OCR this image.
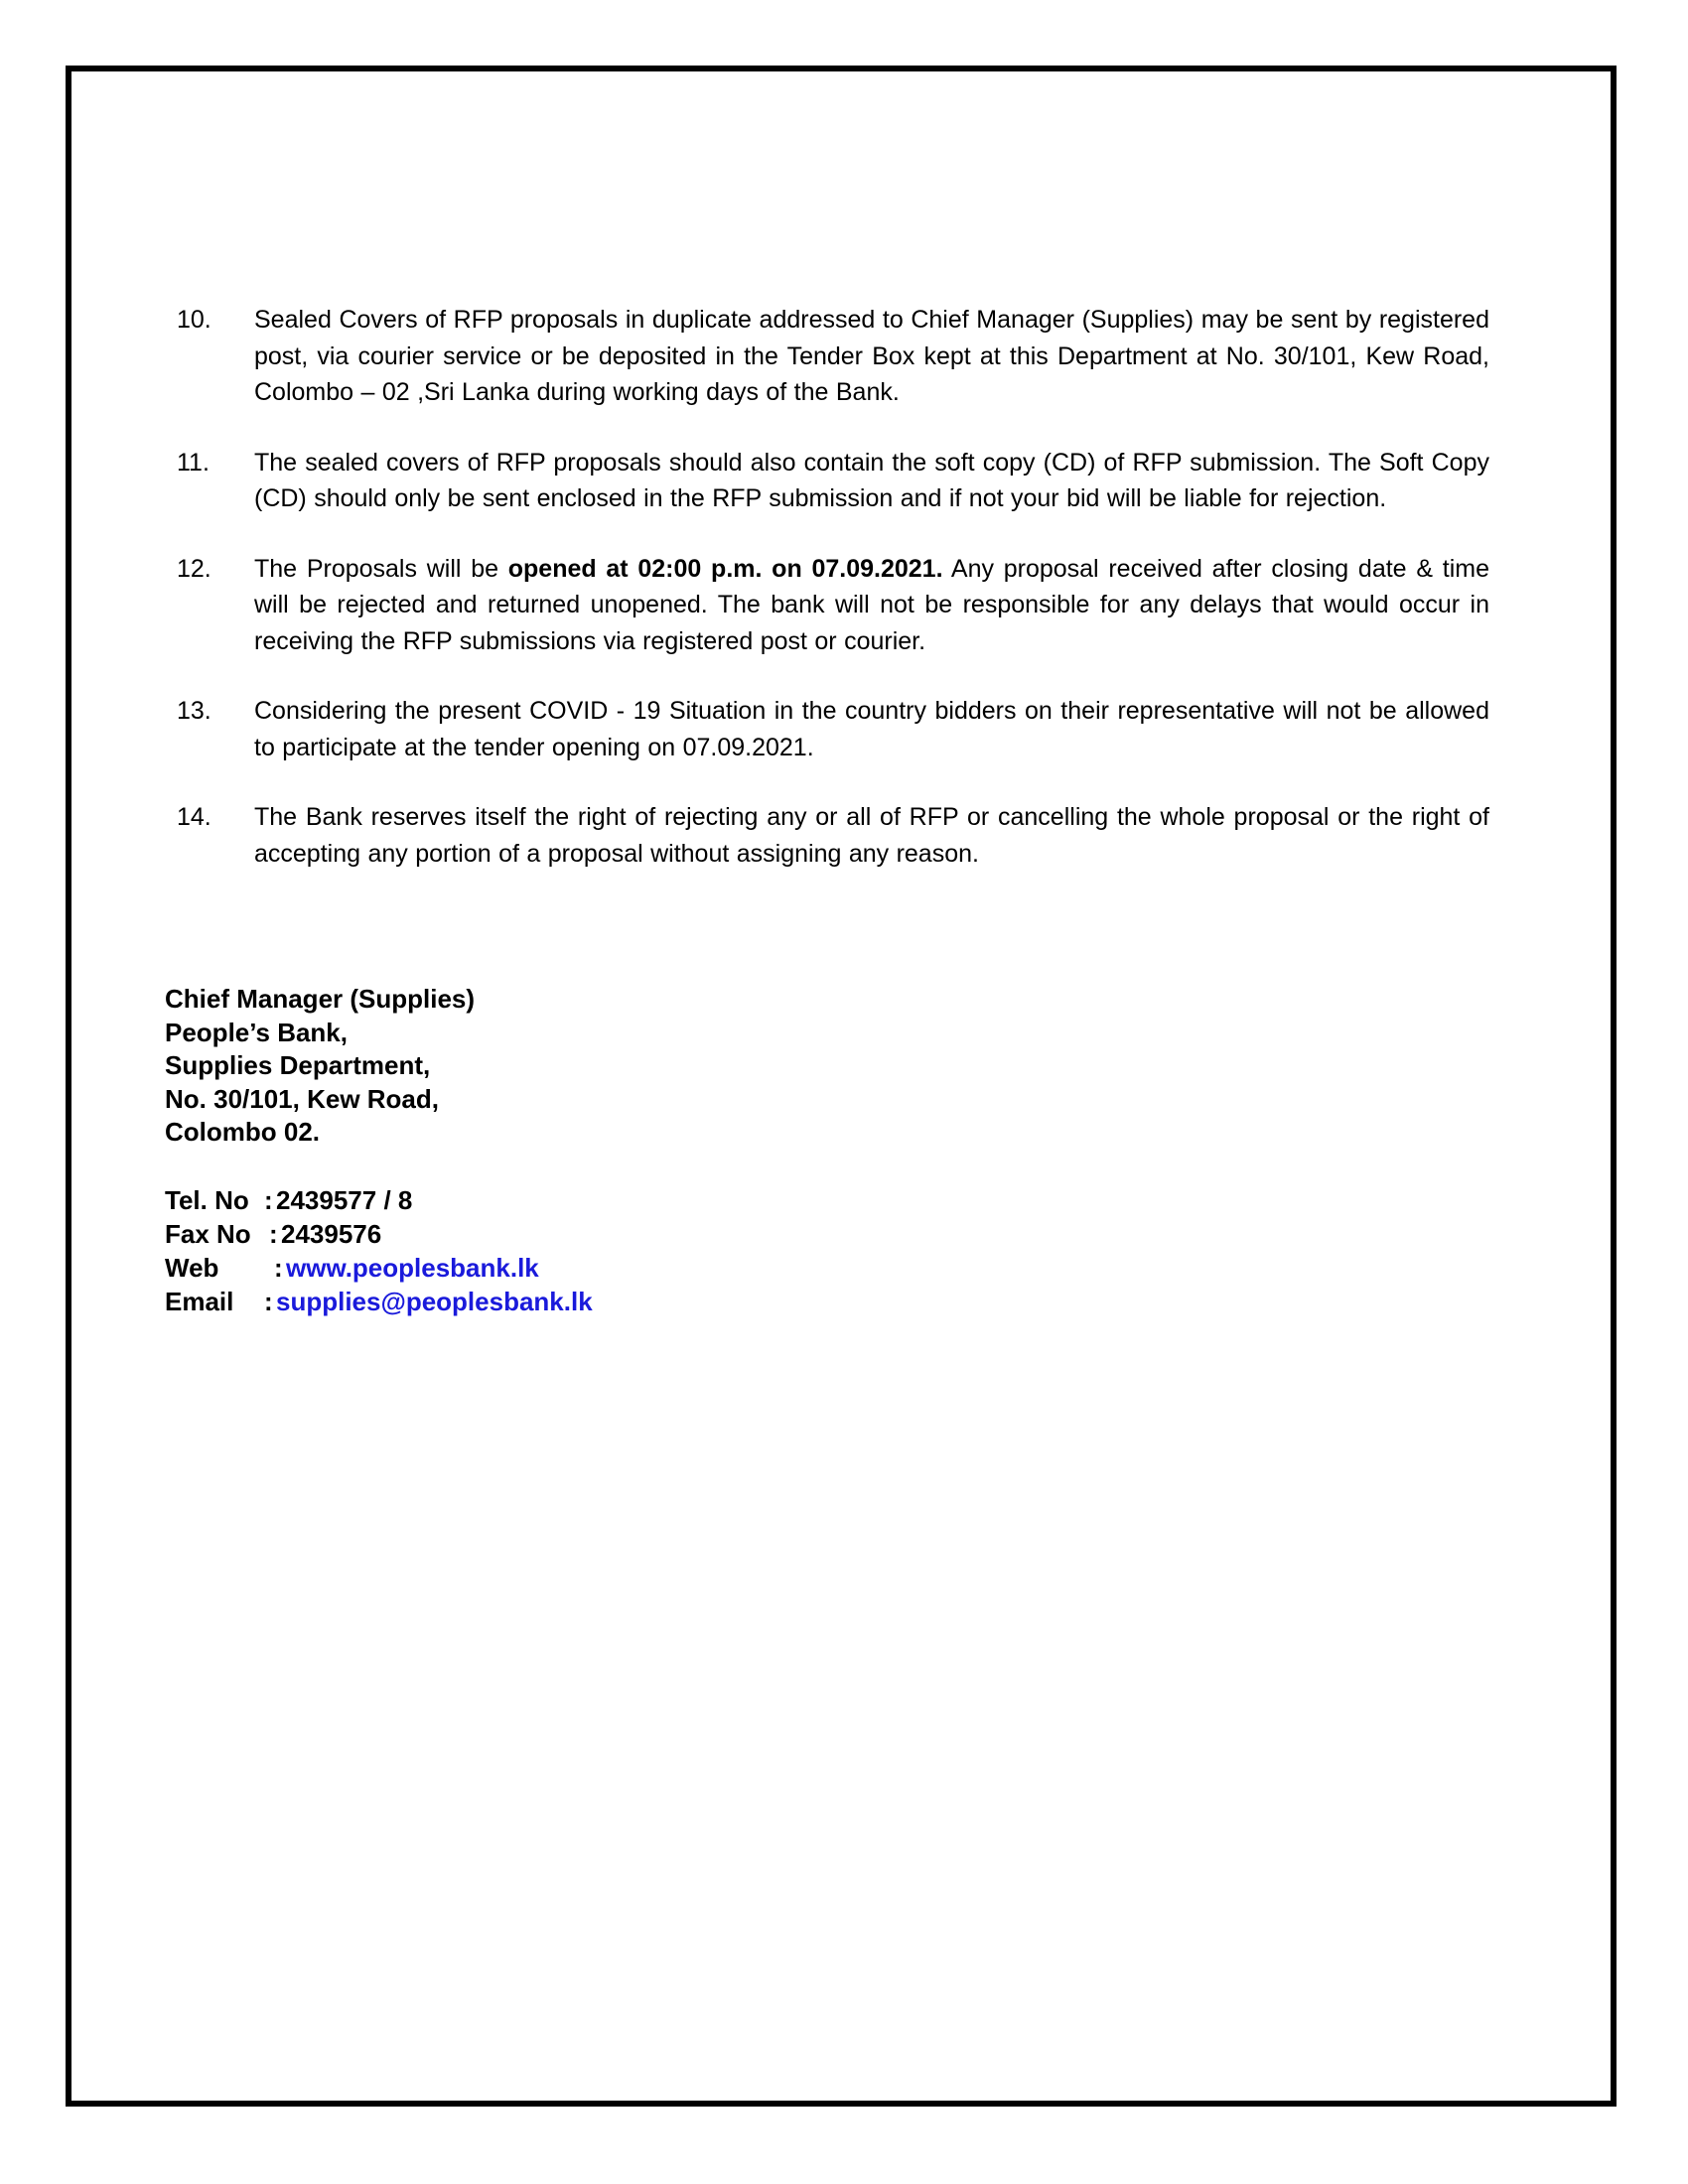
10.	Sealed Covers of RFP proposals in duplicate addressed to Chief Manager (Supplies) may be sent by registered post, via courier service or be deposited in the Tender Box kept at this Department at No. 30/101, Kew Road, Colombo – 02 ,Sri Lanka during working days of the Bank.
11.	The sealed covers of RFP proposals should also contain the soft copy (CD) of RFP submission. The Soft Copy (CD) should only be sent enclosed in the RFP submission and if not your bid will be liable for rejection.
12.	The Proposals will be opened at 02:00 p.m. on 07.09.2021. Any proposal received after closing date & time will be rejected and returned unopened. The bank will not be responsible for any delays that would occur in receiving the RFP submissions via registered post or courier.
13.	Considering the present COVID - 19 Situation in the country bidders on their representative will not be allowed to participate at the tender opening on 07.09.2021.
14.	The Bank reserves itself the right of rejecting any or all of RFP or cancelling the whole proposal or the right of accepting any portion of a proposal without assigning any reason.
Chief Manager (Supplies)
People’s Bank,
Supplies Department,
No. 30/101, Kew Road,
Colombo 02.
Tel. No : 2439577 / 8
Fax No : 2439576
Web	: www.peoplesbank.lk
Email	: supplies@peoplesbank.lk
